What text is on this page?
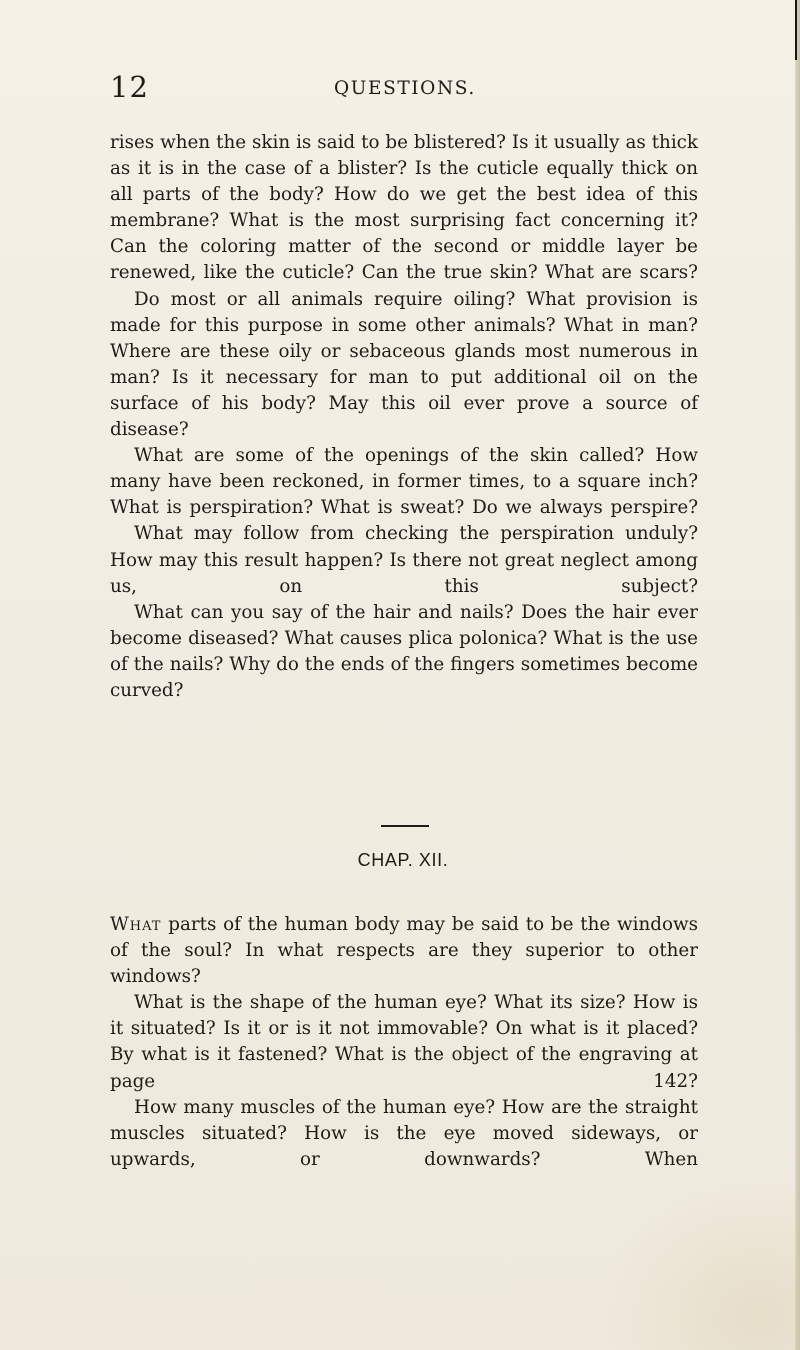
12	QUESTIONS.

rises when the skin is said to be blistered? Is it usually as thick as it is in the case of a blister? Is the cuticle equally thick on all parts of the body? How do we get the best idea of this membrane? What is the most surprising fact concerning it? Can the coloring matter of the second or middle layer be renewed, like the cuticle? Can the true skin? What are scars?

Do most or all animals require oiling? What provision is made for this purpose in some other animals? What in man? Where are these oily or sebaceous glands most numerous in man? Is it necessary for man to put additional oil on the surface of his body? May this oil ever prove a source of disease?

What are some of the openings of the skin called? How many have been reckoned, in former times, to a square inch? What is perspiration? What is sweat? Do we always perspire?

What may follow from checking the perspiration unduly? How may this result happen? Is there not great neglect among us, on this subject?

What can you say of the hair and nails? Does the hair ever become diseased? What causes plica polonica? What is the use of the nails? Why do the ends of the fingers sometimes become curved?

CHAP. XII.

What parts of the human body may be said to be the windows of the soul? In what respects are they superior to other windows?

What is the shape of the human eye? What its size? How is it situated? Is it or is it not immovable? On what is it placed? By what is it fastened? What is the object of the engraving at page 142?

How many muscles of the human eye? How are the straight muscles situated? How is the eye moved sideways, or upwards, or downwards? When
